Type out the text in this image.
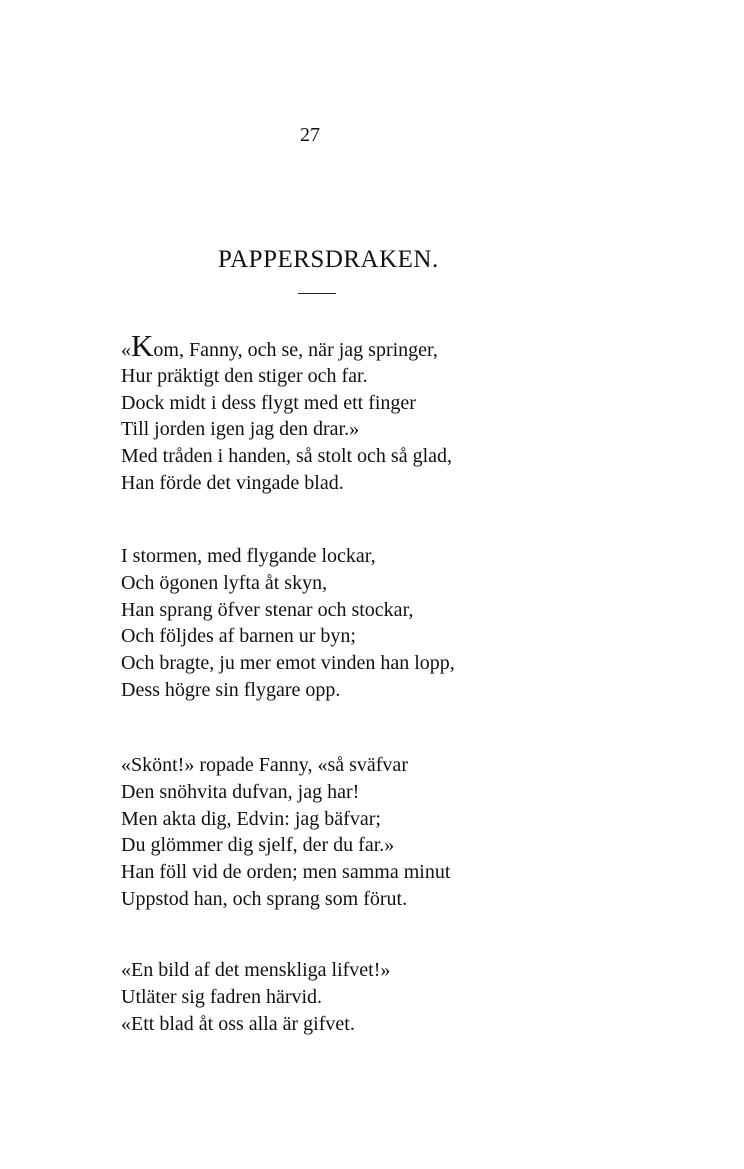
27
PAPPERSDRAKEN.
«Kom, Fanny, och se, när jag springer,
Hur präktigt den stiger och far.
Dock midt i dess flygt med ett finger
Till jorden igen jag den drar.»
Med tråden i handen, så stolt och så glad,
Han förde det vingade blad.
I stormen, med flygande lockar,
Och ögonen lyfta åt skyn,
Han sprang öfver stenar och stockar,
Och följdes af barnen ur byn;
Och bragte, ju mer emot vinden han lopp,
Dess högre sin flygare opp.
«Skönt!» ropade Fanny, «så sväfvar
Den snöhvita dufvan, jag har!
Men akta dig, Edvin: jag bäfvar;
Du glömmer dig sjelf, der du far.»
Han föll vid de orden; men samma minut
Uppstod han, och sprang som förut.
«En bild af det menskliga lifvet!»
Utläter sig fadren härvid.
«Ett blad åt oss alla är gifvet.
